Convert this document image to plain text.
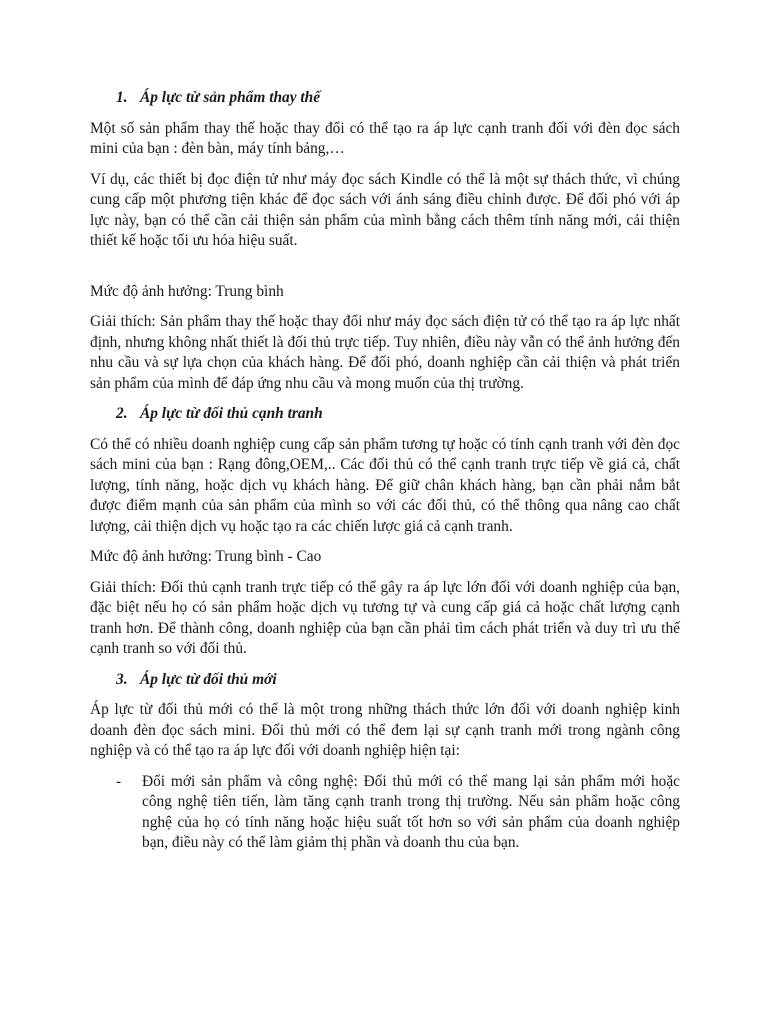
1. Áp lực từ sản phẩm thay thế

Một số sản phẩm thay thế hoặc thay đổi có thể tạo ra áp lực cạnh tranh đối với đèn đọc sách mini của bạn : đèn bàn, máy tính bảng,…

Ví dụ, các thiết bị đọc điện tử như máy đọc sách Kindle có thể là một sự thách thức, vì chúng cung cấp một phương tiện khác để đọc sách với ánh sáng điều chỉnh được. Để đối phó với áp lực này, bạn có thể cần cải thiện sản phẩm của mình bằng cách thêm tính năng mới, cải thiện thiết kế hoặc tối ưu hóa hiệu suất.

Mức độ ảnh hưởng: Trung bình

Giải thích: Sản phẩm thay thế hoặc thay đổi như máy đọc sách điện tử có thể tạo ra áp lực nhất định, nhưng không nhất thiết là đối thủ trực tiếp. Tuy nhiên, điều này vẫn có thể ảnh hưởng đến nhu cầu và sự lựa chọn của khách hàng. Để đối phó, doanh nghiệp cần cải thiện và phát triển sản phẩm của mình để đáp ứng nhu cầu và mong muốn của thị trường.

2. Áp lực từ đối thủ cạnh tranh

Có thể có nhiều doanh nghiệp cung cấp sản phẩm tương tự hoặc có tính cạnh tranh với đèn đọc sách mini của bạn : Rạng đông,OEM,.. Các đối thủ có thể cạnh tranh trực tiếp về giá cả, chất lượng, tính năng, hoặc dịch vụ khách hàng. Để giữ chân khách hàng, bạn cần phải nắm bắt được điểm mạnh của sản phẩm của mình so với các đối thủ, có thể thông qua nâng cao chất lượng, cải thiện dịch vụ hoặc tạo ra các chiến lược giá cả cạnh tranh.

Mức độ ảnh hưởng: Trung bình - Cao

Giải thích: Đối thủ cạnh tranh trực tiếp có thể gây ra áp lực lớn đối với doanh nghiệp của bạn, đặc biệt nếu họ có sản phẩm hoặc dịch vụ tương tự và cung cấp giá cả hoặc chất lượng cạnh tranh hơn. Để thành công, doanh nghiệp của bạn cần phải tìm cách phát triển và duy trì ưu thế cạnh tranh so với đối thủ.

3. Áp lực từ đối thủ mới

Áp lực từ đối thủ mới có thể là một trong những thách thức lớn đối với doanh nghiệp kinh doanh đèn đọc sách mini. Đối thủ mới có thể đem lại sự cạnh tranh mới trong ngành công nghiệp và có thể tạo ra áp lực đối với doanh nghiệp hiện tại:

- Đổi mới sản phẩm và công nghệ: Đối thủ mới có thể mang lại sản phẩm mới hoặc công nghệ tiên tiến, làm tăng cạnh tranh trong thị trường. Nếu sản phẩm hoặc công nghệ của họ có tính năng hoặc hiệu suất tốt hơn so với sản phẩm của doanh nghiệp bạn, điều này có thể làm giảm thị phần và doanh thu của bạn.
